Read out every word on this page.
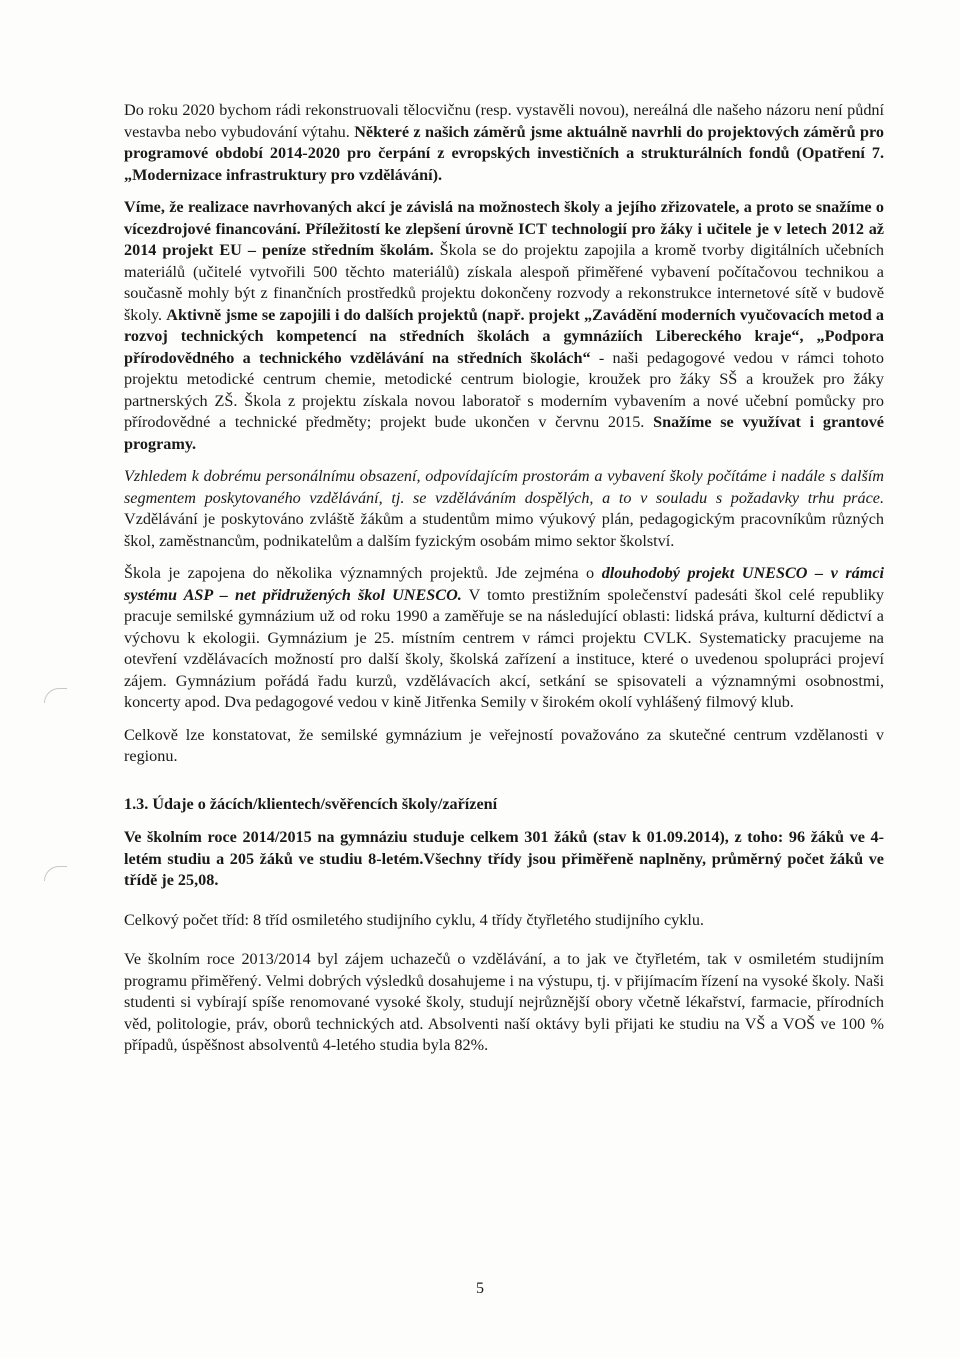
Do roku 2020 bychom rádi rekonstruovali tělocvičnu (resp. vystavěli novou), nereálná dle našeho názoru není půdní vestavba nebo vybudování výtahu. Některé z našich záměrů jsme aktuálně navrhli do projektových záměrů pro programové období 2014-2020 pro čerpání z evropských investičních a strukturálních fondů (Opatření 7.„Modernizace infrastruktury pro vzdělávání).

Víme, že realizace navrhovaných akcí je závislá na možnostech školy a jejího zřizovatele, a proto se snažíme o vícezdrojové financování. Příležitostí ke zlepšení úrovně ICT technologií pro žáky i učitele je v letech 2012 až 2014 projekt EU – peníze středním školám. Škola se do projektu zapojila a kromě tvorby digitálních učebních materiálů (učitelé vytvořili 500 těchto materiálů) získala alespoň přiměřené vybavení počítačovou technikou a současně mohly být z finančních prostředků projektu dokončeny rozvody a rekonstrukce internetové sítě v budově školy. Aktivně jsme se zapojili i do dalších projektů (např. projekt „Zavádění moderních vyučovacích metod a rozvoj technických kompetencí na středních školách a gymnáziích Libereckého kraje“, „Podpora přírodovědného a technického vzdělávání na středních školách“ - naši pedagogové vedou v rámci tohoto projektu metodické centrum chemie, metodické centrum biologie, kroužek pro žáky SŠ a kroužek pro žáky partnerských ZŠ. Škola z projektu získala novou laboratoř s moderním vybavením a nové učební pomůcky pro přírodovědné a technické předměty; projekt bude ukončen v červnu 2015. Snažíme se využívat i grantové programy.

Vzhledem k dobrému personálnímu obsazení, odpovídajícím prostorám a vybavení školy počítáme i nadále s dalším segmentem poskytovaného vzdělávání, tj. se vzděláváním dospělých, a to v souladu s požadavky trhu práce. Vzdělávání je poskytováno zvláště žákům a studentům mimo výukový plán, pedagogickým pracovníkům různých škol, zaměstnancům, podnikatelům a dalším fyzickým osobám mimo sektor školství.

Škola je zapojena do několika významných projektů. Jde zejména o dlouhodobý projekt UNESCO – v rámci systému ASP – net přidružených škol UNESCO. V tomto prestižním společenství padesáti škol celé republiky pracuje semilské gymnázium už od roku 1990 a zaměřuje se na následující oblasti: lidská práva, kulturní dědictví a výchovu k ekologii. Gymnázium je 25. místním centrem v rámci projektu CVLK. Systematicky pracujeme na otevření vzdělávacích možností pro další školy, školská zařízení a instituce, které o uvedenou spolupráci projeví zájem. Gymnázium pořádá řadu kurzů, vzdělávacích akcí, setkání se spisovateli a významnými osobnostmi, koncerty apod. Dva pedagogové vedou v kině Jitřenka Semily v širokém okolí vyhlášený filmový klub.

Celkově lze konstatovat, že semilské gymnázium je veřejností považováno za skutečné centrum vzdělanosti v regionu.

1.3. Údaje o žácích/klientech/svěřencích školy/zařízení

Ve školním roce 2014/2015 na gymnáziu studuje celkem 301 žáků (stav k 01.09.2014), z toho: 96 žáků ve 4-letém studiu a 205 žáků ve studiu 8-letém.Všechny třídy jsou přiměřeně naplněny, průměrný počet žáků ve třídě je 25,08.

Celkový počet tříd: 8 tříd osmiletého studijního cyklu, 4 třídy čtyřletého studijního cyklu.

Ve školním roce 2013/2014 byl zájem uchazečů o vzdělávání, a to jak ve čtyřletém, tak v osmiletém studijním programu přiměřený. Velmi dobrých výsledků dosahujeme i na výstupu, tj. v přijímacím řízení na vysoké školy. Naši studenti si vybírají spíše renomované vysoké školy, studují nejrůznější obory včetně lékařství, farmacie, přírodních věd, politologie, práv, oborů technických atd. Absolventi naší oktávy byli přijati ke studiu na VŠ a VOŠ ve 100 % případů, úspěšnost absolventů 4-letého studia byla 82%.

5
